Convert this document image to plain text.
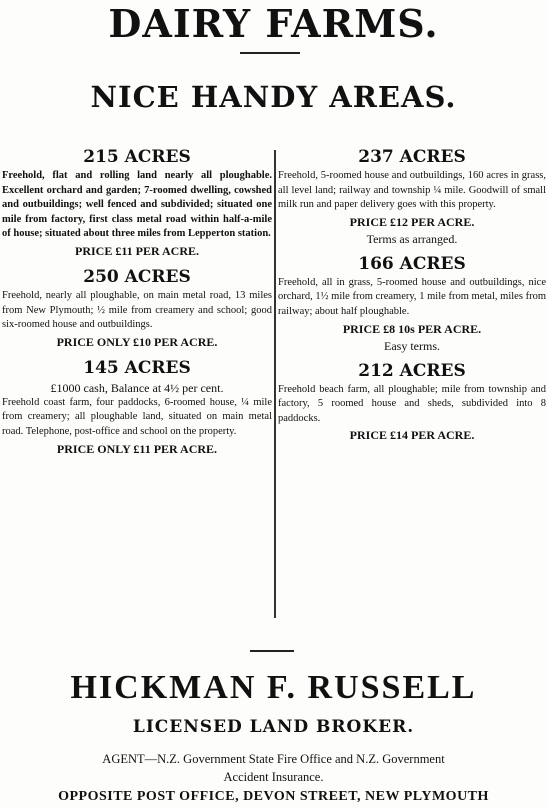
DAIRY FARMS.
NICE HANDY AREAS.
215 ACRES
Freehold, flat and rolling land nearly all ploughable. Excellent orchard and garden; 7-roomed dwelling, cowshed and outbuildings; well fenced and subdivided; situated one mile from factory, first class metal road within half-a-mile of house; situated about three miles from Lepperton station.
PRICE £11 PER ACRE.
250 ACRES
Freehold, nearly all ploughable, on main metal road, 13 miles from New Plymouth; ½ mile from creamery and school; good six-roomed house and outbuildings.
PRICE ONLY £10 PER ACRE.
145 ACRES
£1000 cash, Balance at 4½ per cent.
Freehold coast farm, four paddocks, 6-roomed house, ¼ mile from creamery; all ploughable land, situated on main metal road. Telephone, post-office and school on the property.
PRICE ONLY £11 PER ACRE.
237 ACRES
Freehold, 5-roomed house and outbuildings, 160 acres in grass, all level land; railway and township ¼ mile. Goodwill of small milk run and paper delivery goes with this property.
PRICE £12 PER ACRE.
Terms as arranged.
166 ACRES
Freehold, all in grass, 5-roomed house and outbuildings, nice orchard, 1½ mile from creamery, 1 mile from metal, miles from railway; about half ploughable.
PRICE £8 10s PER ACRE.
Easy terms.
212 ACRES
Freehold beach farm, all ploughable; mile from township and factory, 5 roomed house and sheds, subdivided into 8 paddocks.
PRICE £14 PER ACRE.
HICKMAN F. RUSSELL
LICENSED LAND BROKER.
AGENT—N.Z. Government State Fire Office and N.Z. Government
Accident Insurance.
OPPOSITE POST OFFICE, DEVON STREET, NEW PLYMOUTH
